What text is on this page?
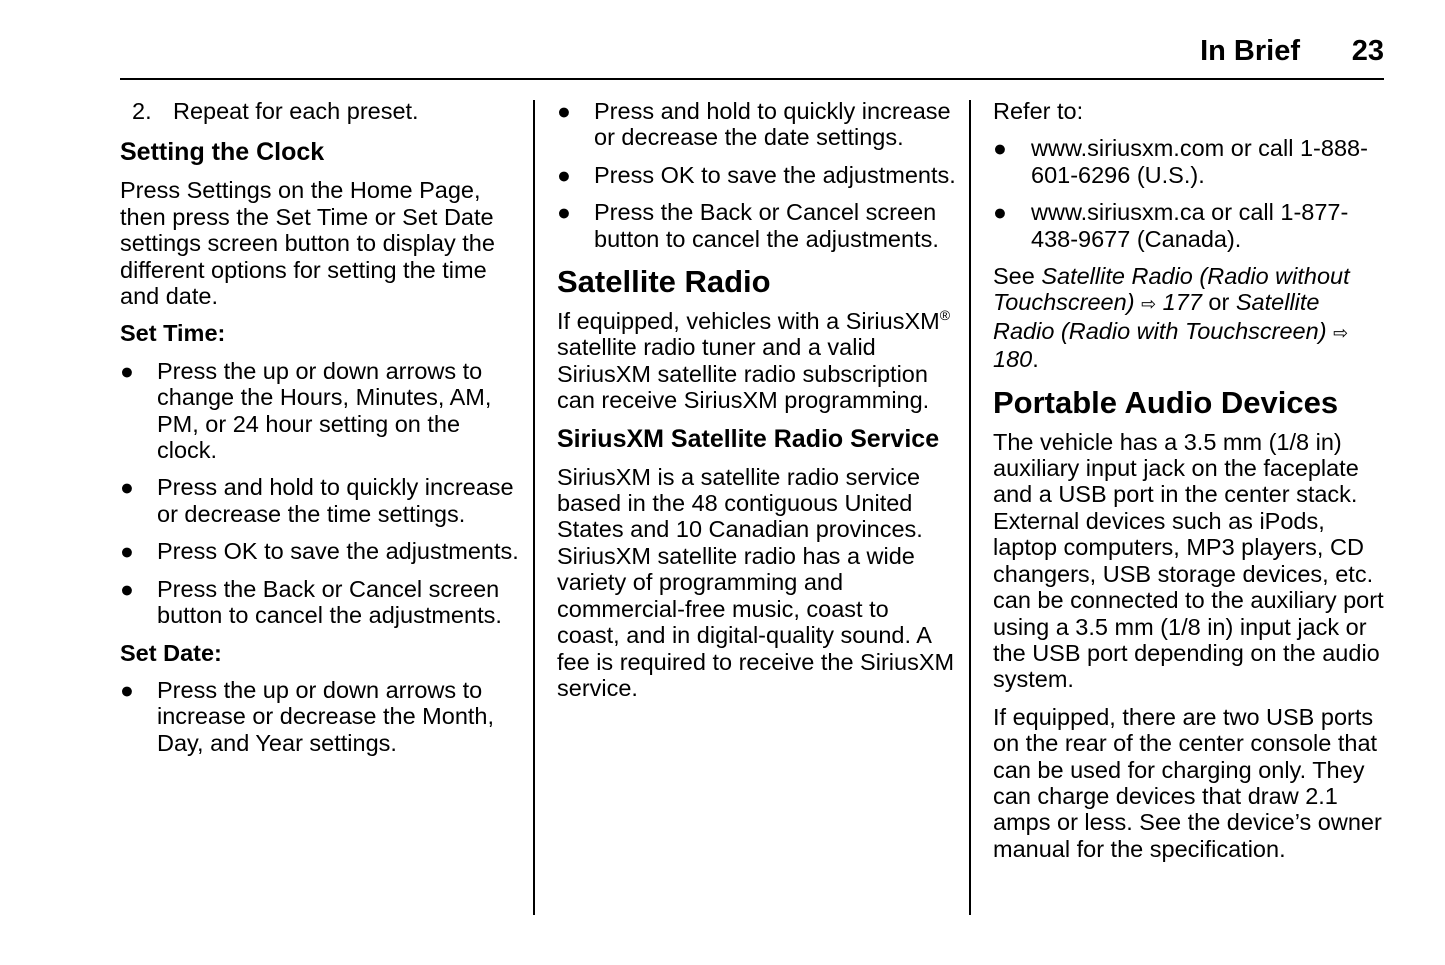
In Brief 23
2. Repeat for each preset.
Setting the Clock

Press Settings on the Home Page, then press the Set Time or Set Date settings screen button to display the different options for setting the time and date.

Set Time:
● Press the up or down arrows to change the Hours, Minutes, AM, PM, or 24 hour setting on the clock.
● Press and hold to quickly increase or decrease the time settings.
● Press OK to save the adjustments.
● Press the Back or Cancel screen button to cancel the adjustments.
Set Date:
● Press the up or down arrows to increase or decrease the Month, Day, and Year settings.
● Press and hold to quickly increase or decrease the date settings.
● Press OK to save the adjustments.
● Press the Back or Cancel screen button to cancel the adjustments.
Satellite Radio

If equipped, vehicles with a SiriusXM® satellite radio tuner and a valid SiriusXM satellite radio subscription can receive SiriusXM programming.

SiriusXM Satellite Radio Service

SiriusXM is a satellite radio service based in the 48 contiguous United States and 10 Canadian provinces. SiriusXM satellite radio has a wide variety of programming and commercial-free music, coast to coast, and in digital-quality sound. A fee is required to receive the SiriusXM service.

Refer to:

● www.siriusxm.com or call 1-888-601-6296 (U.S.).
● www.siriusxm.ca or call 1-877-438-9677 (Canada).

See Satellite Radio (Radio without Touchscreen) ⇨ 177 or Satellite Radio (Radio with Touchscreen) ⇨ 180.

Portable Audio Devices

The vehicle has a 3.5 mm (1/8 in) auxiliary input jack on the faceplate and a USB port in the center stack. External devices such as iPods, laptop computers, MP3 players, CD changers, USB storage devices, etc. can be connected to the auxiliary port using a 3.5 mm (1/8 in) input jack or the USB port depending on the audio system.

If equipped, there are two USB ports on the rear of the center console that can be used for charging only. They can charge devices that draw 2.1 amps or less. See the device’s owner manual for the specification.
